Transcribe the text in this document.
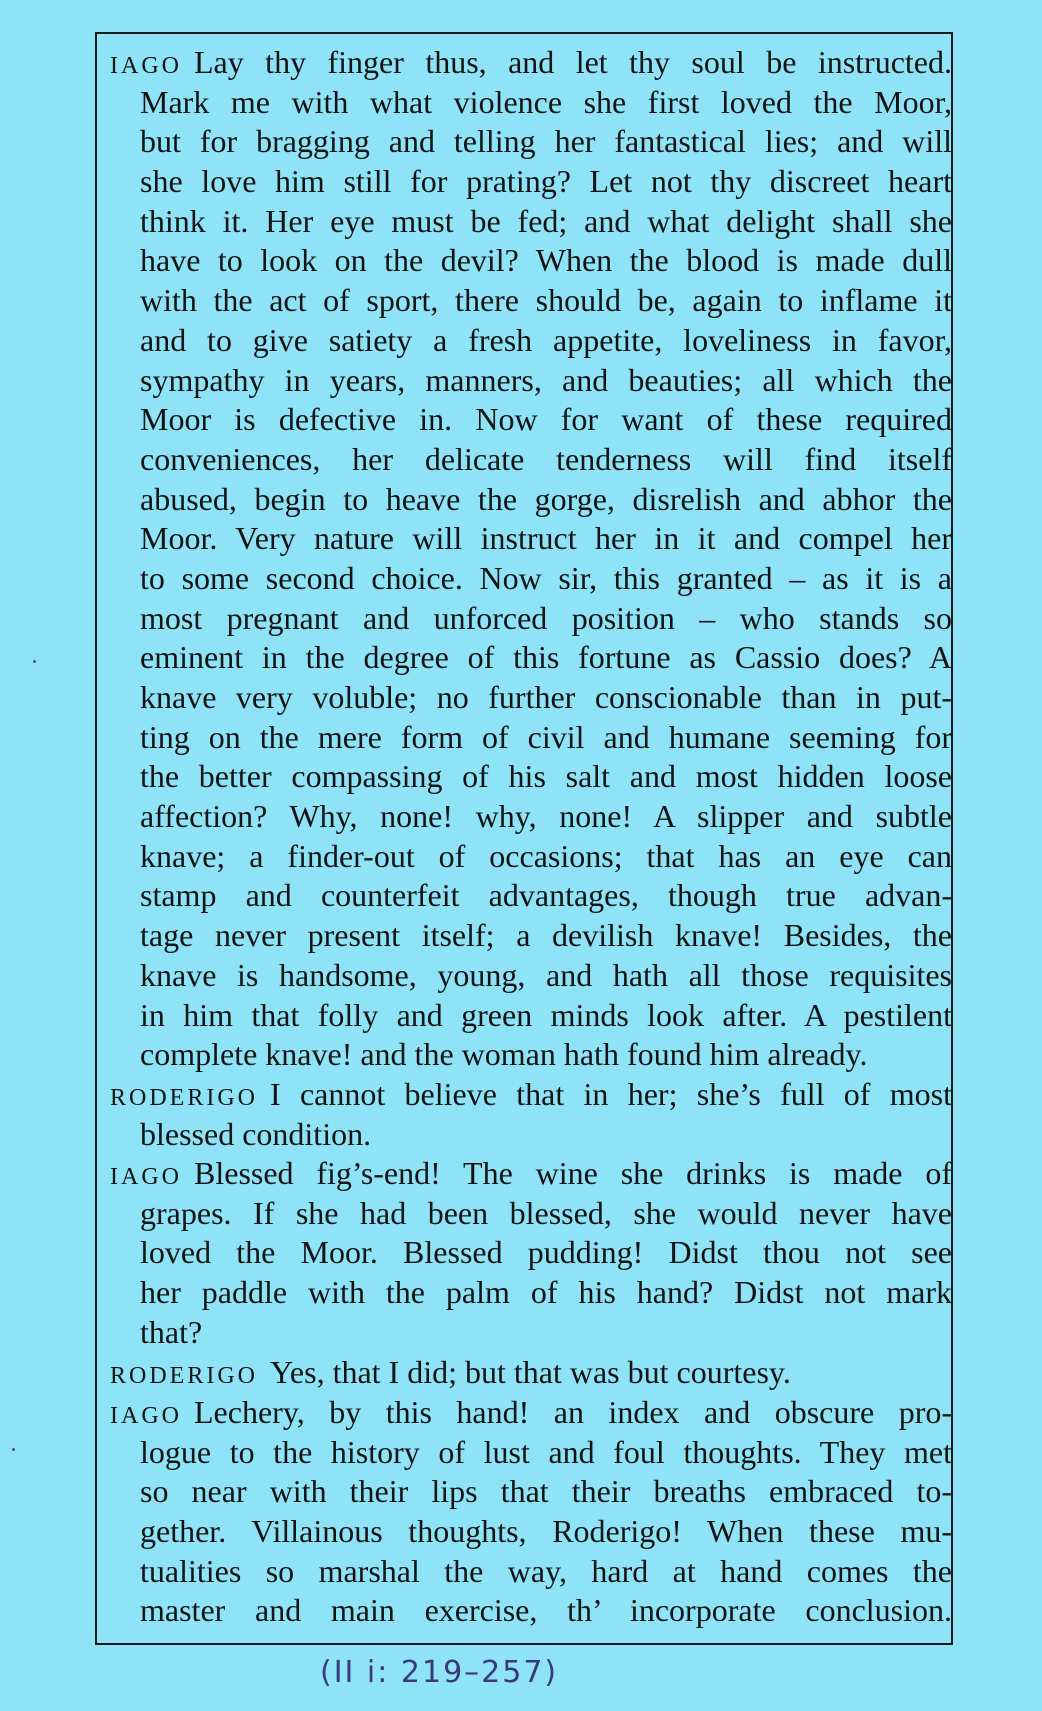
IAGO Lay thy finger thus, and let thy soul be instructed.
Mark me with what violence she first loved the Moor,
but for bragging and telling her fantastical lies; and will
she love him still for prating? Let not thy discreet heart
think it. Her eye must be fed; and what delight shall she
have to look on the devil? When the blood is made dull
with the act of sport, there should be, again to inflame it
and to give satiety a fresh appetite, loveliness in favor,
sympathy in years, manners, and beauties; all which the
Moor is defective in. Now for want of these required
conveniences, her delicate tenderness will find itself
abused, begin to heave the gorge, disrelish and abhor the
Moor. Very nature will instruct her in it and compel her
to some second choice. Now sir, this granted – as it is a
most pregnant and unforced position – who stands so
eminent in the degree of this fortune as Cassio does? A
knave very voluble; no further conscionable than in put-
ting on the mere form of civil and humane seeming for
the better compassing of his salt and most hidden loose
affection? Why, none! why, none! A slipper and subtle
knave; a finder-out of occasions; that has an eye can
stamp and counterfeit advantages, though true advan-
tage never present itself; a devilish knave! Besides, the
knave is handsome, young, and hath all those requisites
in him that folly and green minds look after. A pestilent
complete knave! and the woman hath found him already.
RODERIGO I cannot believe that in her; she’s full of most
blessed condition.
IAGO Blessed fig’s-end! The wine she drinks is made of
grapes. If she had been blessed, she would never have
loved the Moor. Blessed pudding! Didst thou not see
her paddle with the palm of his hand? Didst not mark
that?
RODERIGO Yes, that I did; but that was but courtesy.
IAGO Lechery, by this hand! an index and obscure pro-
logue to the history of lust and foul thoughts. They met
so near with their lips that their breaths embraced to-
gether. Villainous thoughts, Roderigo! When these mu-
tualities so marshal the way, hard at hand comes the
master and main exercise, th’ incorporate conclusion.
(II i: 219–257)
